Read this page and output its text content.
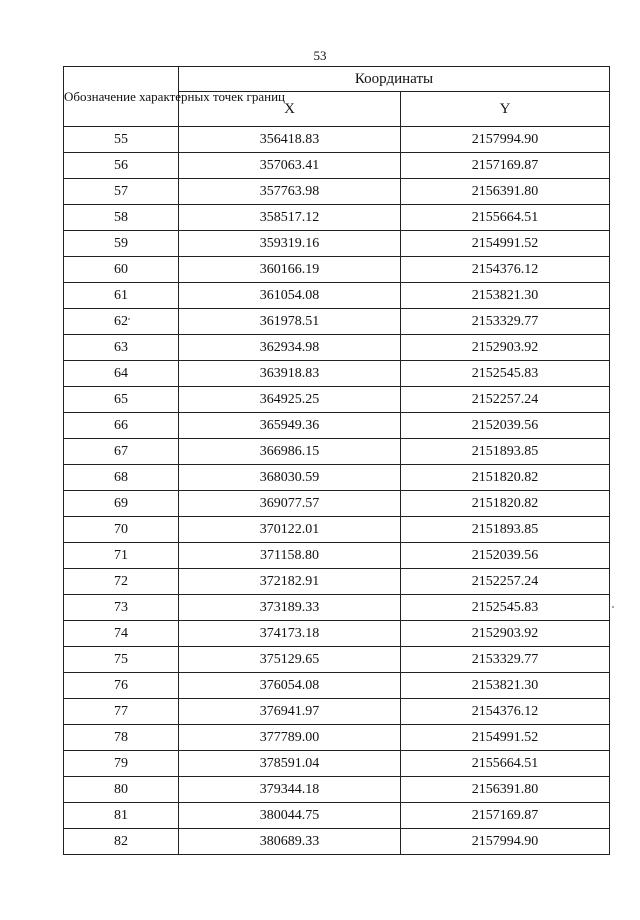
53
Обозначение характерных точек границ	Координаты	
	X	Y
55	356418.83	2157994.90
56	357063.41	2157169.87
57	357763.98	2156391.80
58	358517.12	2155664.51
59	359319.16	2154991.52
60	360166.19	2154376.12
61	361054.08	2153821.30
62	361978.51	2153329.77
63	362934.98	2152903.92
64	363918.83	2152545.83
65	364925.25	2152257.24
66	365949.36	2152039.56
67	366986.15	2151893.85
68	368030.59	2151820.82
69	369077.57	2151820.82
70	370122.01	2151893.85
71	371158.80	2152039.56
72	372182.91	2152257.24
73	373189.33	2152545.83
74	374173.18	2152903.92
75	375129.65	2153329.77
76	376054.08	2153821.30
77	376941.97	2154376.12
78	377789.00	2154991.52
79	378591.04	2155664.51
80	379344.18	2156391.80
81	380044.75	2157169.87
82	380689.33	2157994.90
